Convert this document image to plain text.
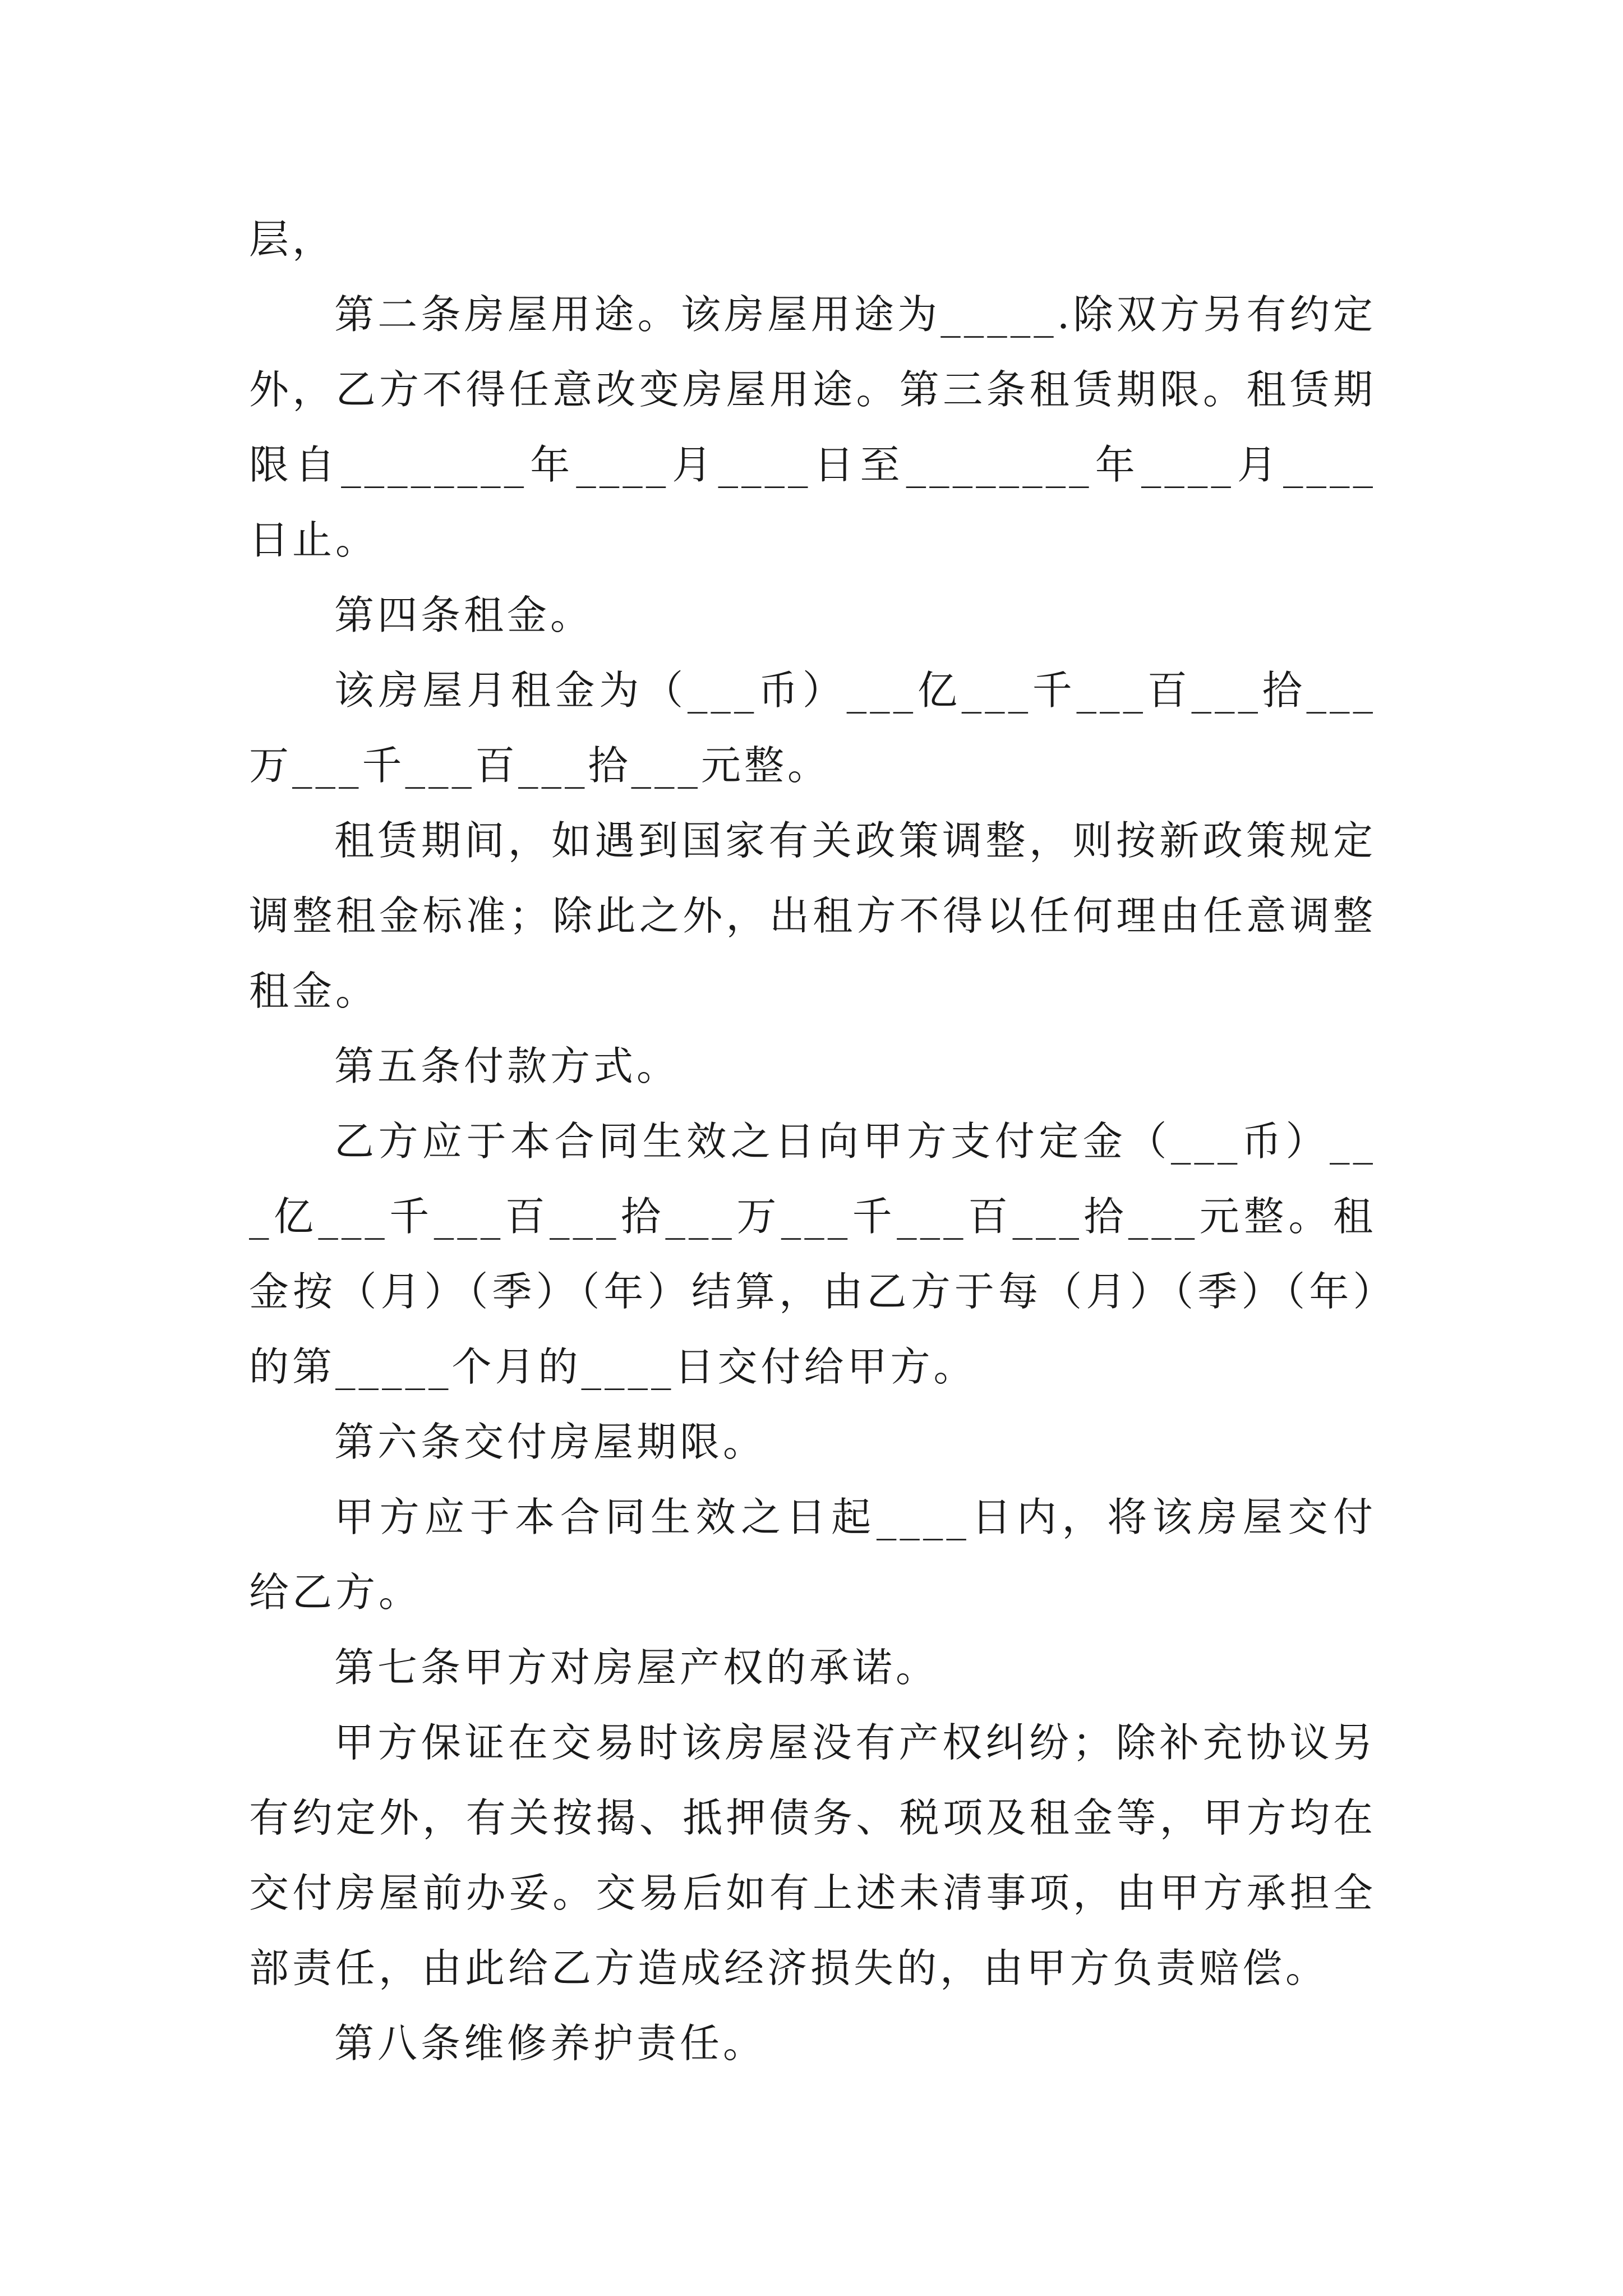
层，

第二条房屋用途。该房屋用途为_____.除双方另有约定外，乙方不得任意改变房屋用途。第三条租赁期限。租赁期限自________年____月____日至________年____月____日止。

第四条租金。

该房屋月租金为（___币）___亿___千___百___拾___万___千___百___拾___元整。

租赁期间，如遇到国家有关政策调整，则按新政策规定调整租金标准；除此之外，出租方不得以任何理由任意调整租金。

第五条付款方式。

乙方应于本合同生效之日向甲方支付定金（___币）___亿___千___百___拾___万___千___百___拾___元整。租金按（月）（季）（年）结算，由乙方于每（月）（季）（年）的第_____个月的____日交付给甲方。

第六条交付房屋期限。

甲方应于本合同生效之日起____日内，将该房屋交付给乙方。

第七条甲方对房屋产权的承诺。

甲方保证在交易时该房屋没有产权纠纷；除补充协议另有约定外，有关按揭、抵押债务、税项及租金等，甲方均在交付房屋前办妥。交易后如有上述未清事项，由甲方承担全部责任，由此给乙方造成经济损失的，由甲方负责赔偿。

第八条维修养护责任。
